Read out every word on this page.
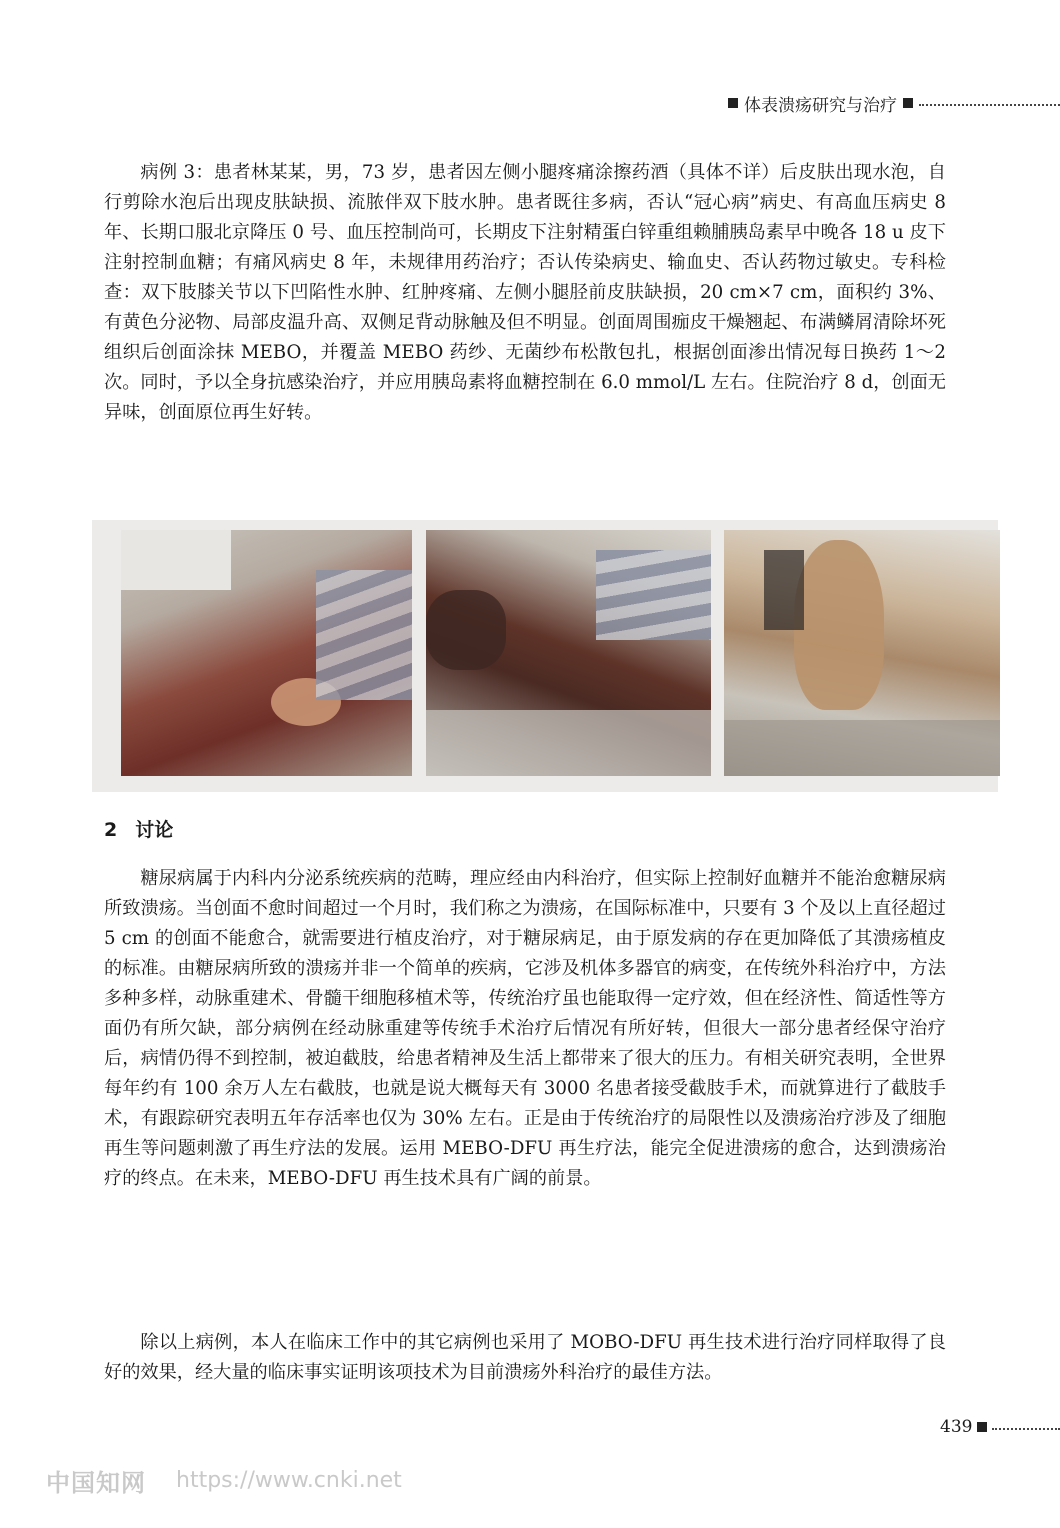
体表溃疡研究与治疗

病例 3：患者林某某，男，73 岁，患者因左侧小腿疼痛涂擦药酒（具体不详）后皮肤出现水泡，自行剪除水泡后出现皮肤缺损、流脓伴双下肢水肿。患者既往多病，否认“冠心病”病史、有高血压病史 8 年、长期口服北京降压 0 号、血压控制尚可，长期皮下注射精蛋白锌重组赖脯胰岛素早中晚各 18 u 皮下注射控制血糖；有痛风病史 8 年，未规律用药治疗；否认传染病史、输血史、否认药物过敏史。专科检查：双下肢膝关节以下凹陷性水肿、红肿疼痛、左侧小腿胫前皮肤缺损，20 cm×7 cm，面积约 3%、有黄色分泌物、局部皮温升高、双侧足背动脉触及但不明显。创面周围痂皮干燥翘起、布满鳞屑清除坏死组织后创面涂抹 MEBO，并覆盖 MEBO 药纱、无菌纱布松散包扎，根据创面渗出情况每日换药 1～2 次。同时，予以全身抗感染治疗，并应用胰岛素将血糖控制在 6.0 mmol/L 左右。住院治疗 8 d，创面无异味，创面原位再生好转。

2 讨论

糖尿病属于内科内分泌系统疾病的范畴，理应经由内科治疗，但实际上控制好血糖并不能治愈糖尿病所致溃疡。当创面不愈时间超过一个月时，我们称之为溃疡，在国际标准中，只要有 3 个及以上直径超过 5 cm 的创面不能愈合，就需要进行植皮治疗，对于糖尿病足，由于原发病的存在更加降低了其溃疡植皮的标准。由糖尿病所致的溃疡并非一个简单的疾病，它涉及机体多器官的病变，在传统外科治疗中，方法多种多样，动脉重建术、骨髓干细胞移植术等，传统治疗虽也能取得一定疗效，但在经济性、简适性等方面仍有所欠缺，部分病例在经动脉重建等传统手术治疗后情况有所好转，但很大一部分患者经保守治疗后，病情仍得不到控制，被迫截肢，给患者精神及生活上都带来了很大的压力。有相关研究表明，全世界每年约有 100 余万人左右截肢，也就是说大概每天有 3000 名患者接受截肢手术，而就算进行了截肢手术，有跟踪研究表明五年存活率也仅为 30% 左右。正是由于传统治疗的局限性以及溃疡治疗涉及了细胞再生等问题刺激了再生疗法的发展。运用 MEBO-DFU 再生疗法，能完全促进溃疡的愈合，达到溃疡治疗的终点。在未来，MEBO-DFU 再生技术具有广阔的前景。

除以上病例，本人在临床工作中的其它病例也采用了 MOBO-DFU 再生技术进行治疗同样取得了良好的效果，经大量的临床事实证明该项技术为目前溃疡外科治疗的最佳方法。

439
中国知网 https://www.cnki.net
